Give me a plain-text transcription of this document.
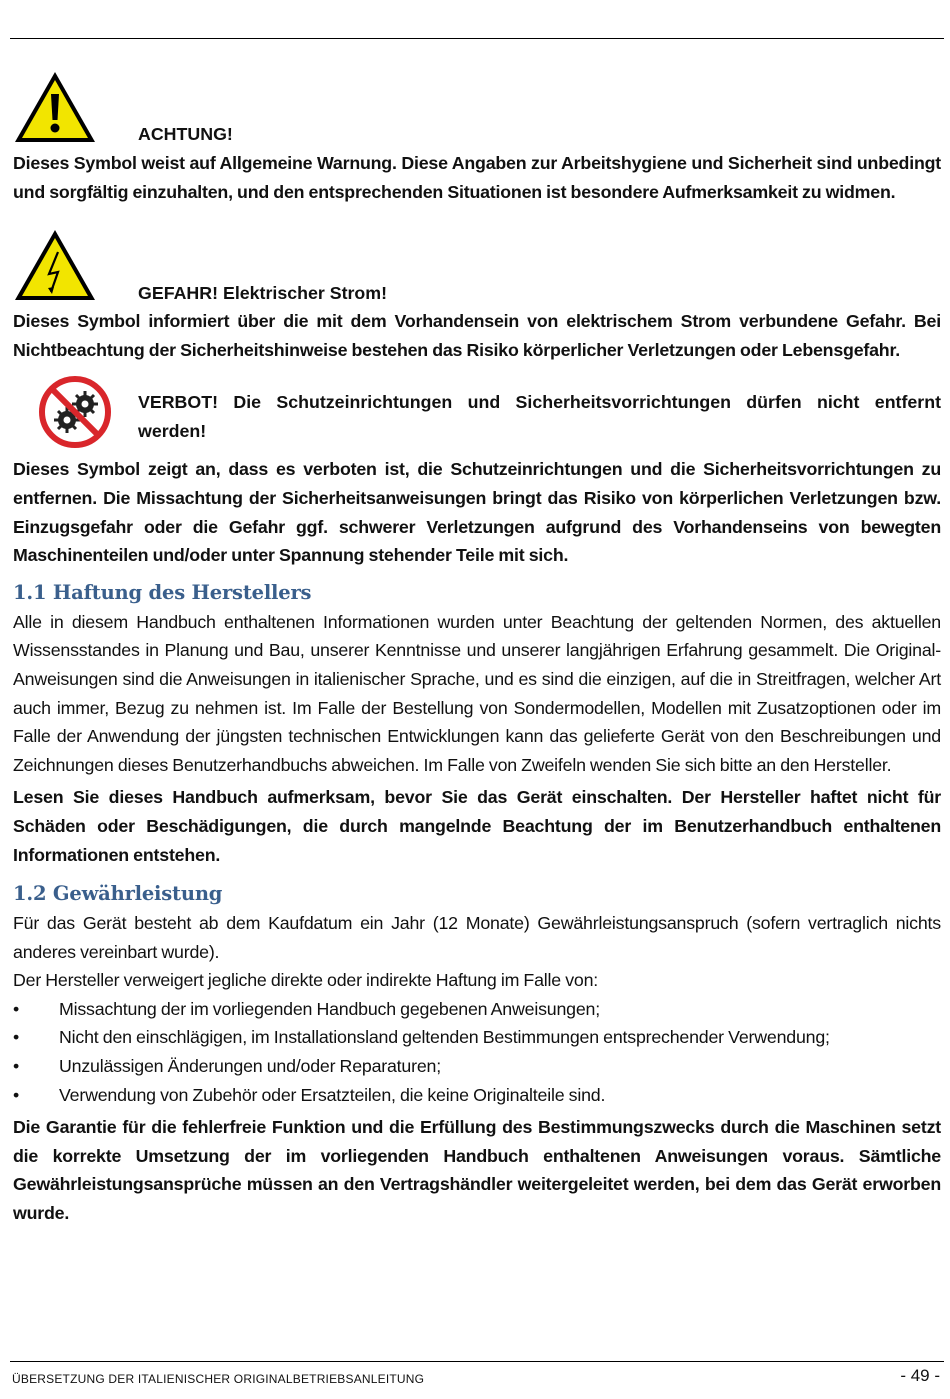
ACHTUNG!

Dieses Symbol weist auf Allgemeine Warnung. Diese Angaben zur Arbeitshygiene und Sicherheit sind unbedingt und sorgfältig einzuhalten, und den entsprechenden Situationen ist besondere Aufmerksamkeit zu widmen.

GEFAHR! Elektrischer Strom!

Dieses Symbol informiert über die mit dem Vorhandensein von elektrischem Strom verbundene Gefahr. Bei Nichtbeachtung der Sicherheitshinweise bestehen das Risiko körperlicher Verletzungen oder Lebensgefahr.

VERBOT! Die Schutzeinrichtungen und Sicherheitsvorrichtungen dürfen nicht entfernt werden!

Dieses Symbol zeigt an, dass es verboten ist, die Schutzeinrichtungen und die Sicherheitsvorrichtungen zu entfernen. Die Missachtung der Sicherheitsanweisungen bringt das Risiko von körperlichen Verletzungen bzw. Einzugsgefahr oder die Gefahr ggf. schwerer Verletzungen aufgrund des Vorhandenseins von bewegten Maschinenteilen und/oder unter Spannung stehender Teile mit sich.

1.1 Haftung des Herstellers

Alle in diesem Handbuch enthaltenen Informationen wurden unter Beachtung der geltenden Normen, des aktuellen Wissensstandes in Planung und Bau, unserer Kenntnisse und unserer langjährigen Erfahrung gesammelt. Die Original-Anweisungen sind die Anweisungen in italienischer Sprache, und es sind die einzigen, auf die in Streitfragen, welcher Art auch immer, Bezug zu nehmen ist. Im Falle der Bestellung von Sondermodellen, Modellen mit Zusatzoptionen oder im Falle der Anwendung der jüngsten technischen Entwicklungen kann das gelieferte Gerät von den Beschreibungen und Zeichnungen dieses Benutzerhandbuchs abweichen. Im Falle von Zweifeln wenden Sie sich bitte an den Hersteller.

Lesen Sie dieses Handbuch aufmerksam, bevor Sie das Gerät einschalten. Der Hersteller haftet nicht für Schäden oder Beschädigungen, die durch mangelnde Beachtung der im Benutzerhandbuch enthaltenen Informationen entstehen.

1.2 Gewährleistung

Für das Gerät besteht ab dem Kaufdatum ein Jahr (12 Monate) Gewährleistungsanspruch (sofern vertraglich nichts anderes vereinbart wurde).

Der Hersteller verweigert jegliche direkte oder indirekte Haftung im Falle von:

• Missachtung der im vorliegenden Handbuch gegebenen Anweisungen;
• Nicht den einschlägigen, im Installationsland geltenden Bestimmungen entsprechender Verwendung;
• Unzulässigen Änderungen und/oder Reparaturen;
• Verwendung von Zubehör oder Ersatzteilen, die keine Originalteile sind.

Die Garantie für die fehlerfreie Funktion und die Erfüllung des Bestimmungszwecks durch die Maschinen setzt die korrekte Umsetzung der im vorliegenden Handbuch enthaltenen Anweisungen voraus. Sämtliche Gewährleistungsansprüche müssen an den Vertragshändler weitergeleitet werden, bei dem das Gerät erworben wurde.

ÜBERSETZUNG DER ITALIENISCHER ORIGINALBETRIEBSANLEITUNG	- 49 -
